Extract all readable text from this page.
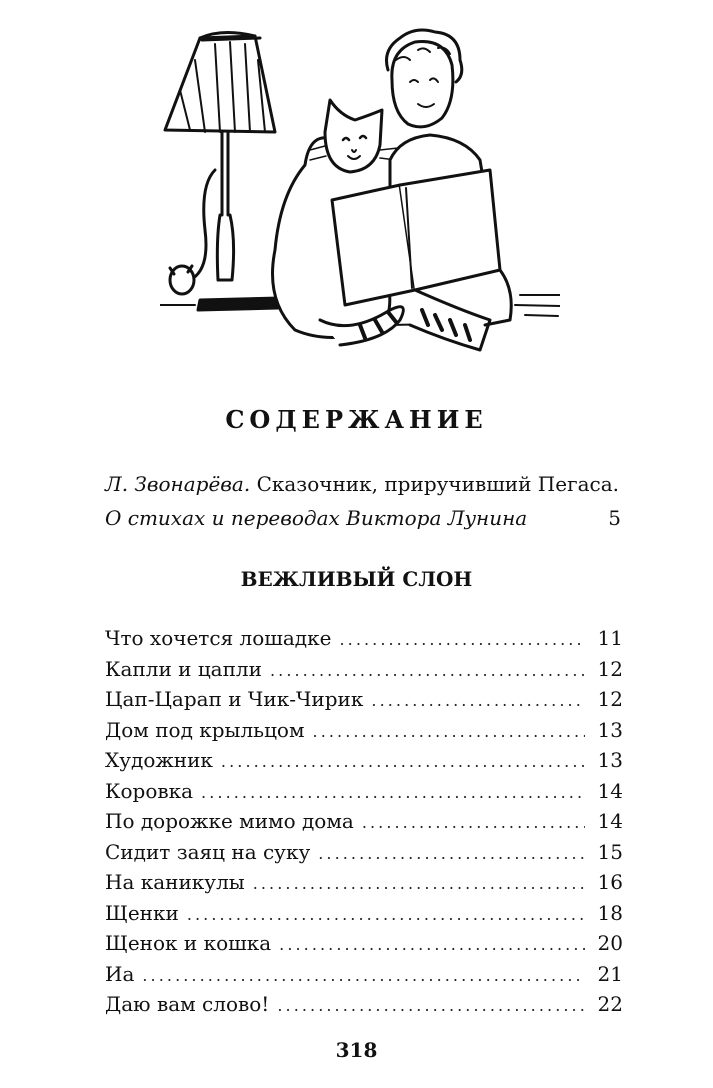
СОДЕРЖАНИЕ
Л. Звонарёва. Сказочник, приручивший Пегаса.
О стихах и переводах Виктора Лунина	5
ВЕЖЛИВЫЙ СЛОН
Что хочется лошадке . . .	11
Капли и цапли . . .	12
Цап-Царап и Чик-Чирик . . .	12
Дом под крыльцом . . .	13
Художник . . .	13
Коровка . . .	14
По дорожке мимо дома . . .	14
Сидит заяц на суку . . .	15
На каникулы . . .	16
Щенки . . .	18
Щенок и кошка . . .	20
Иа . . .	21
Даю вам слово! . . .	22
318
